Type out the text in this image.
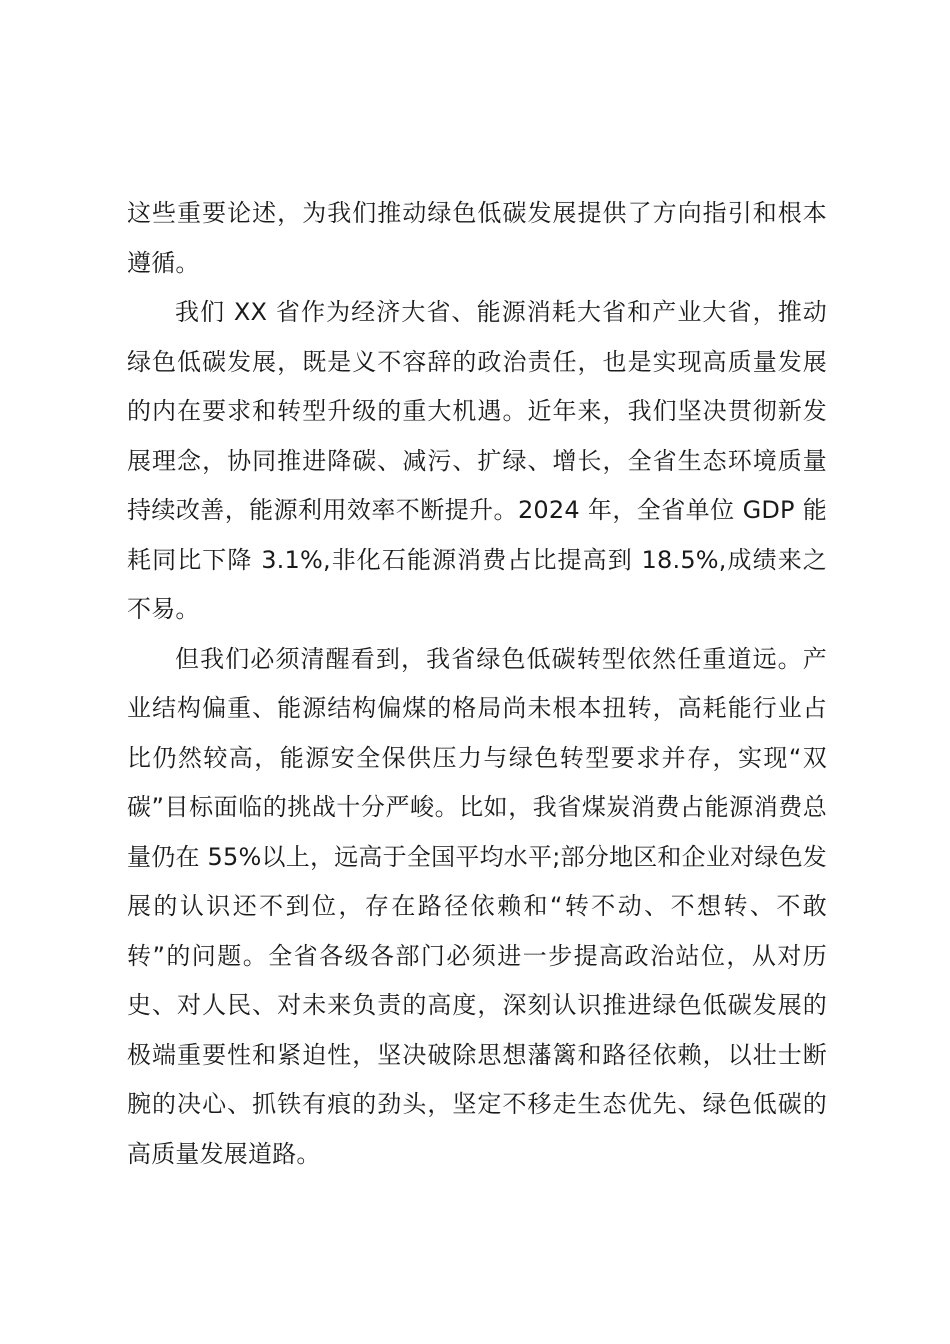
这些重要论述，为我们推动绿色低碳发展提供了方向指引和根本遵循。

我们 XX 省作为经济大省、能源消耗大省和产业大省，推动绿色低碳发展，既是义不容辞的政治责任，也是实现高质量发展的内在要求和转型升级的重大机遇。近年来，我们坚决贯彻新发展理念，协同推进降碳、减污、扩绿、增长，全省生态环境质量持续改善，能源利用效率不断提升。2024 年，全省单位 GDP 能耗同比下降 3.1%,非化石能源消费占比提高到 18.5%,成绩来之不易。

但我们必须清醒看到，我省绿色低碳转型依然任重道远。产业结构偏重、能源结构偏煤的格局尚未根本扭转，高耗能行业占比仍然较高，能源安全保供压力与绿色转型要求并存，实现“双碳”目标面临的挑战十分严峻。比如，我省煤炭消费占能源消费总量仍在 55%以上，远高于全国平均水平;部分地区和企业对绿色发展的认识还不到位，存在路径依赖和“转不动、不想转、不敢转”的问题。全省各级各部门必须进一步提高政治站位，从对历史、对人民、对未来负责的高度，深刻认识推进绿色低碳发展的极端重要性和紧迫性，坚决破除思想藩篱和路径依赖，以壮士断腕的决心、抓铁有痕的劲头，坚定不移走生态优先、绿色低碳的高质量发展道路。
